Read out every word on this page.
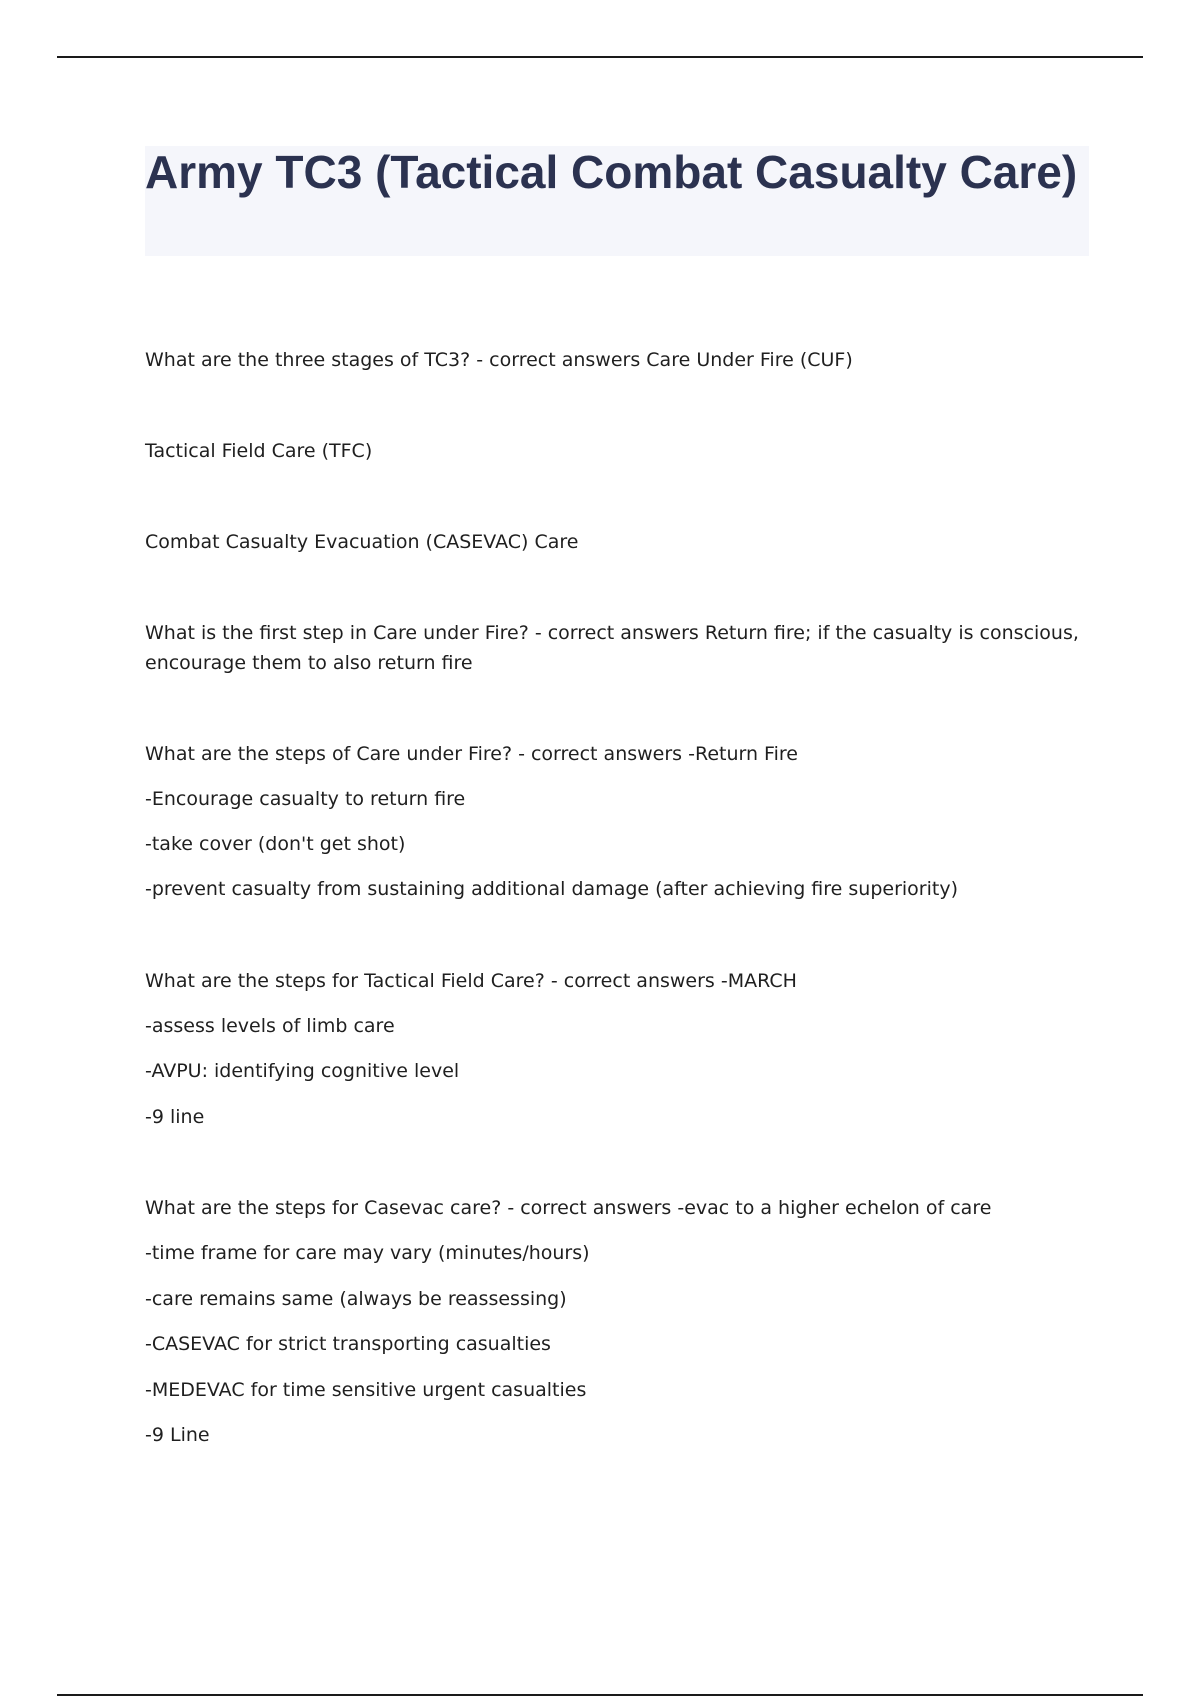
Army TC3 (Tactical Combat Casualty Care)
What are the three stages of TC3? - correct answers Care Under Fire (CUF)
Tactical Field Care (TFC)
Combat Casualty Evacuation (CASEVAC) Care
What is the first step in Care under Fire? - correct answers Return fire; if the casualty is conscious,
encourage them to also return fire
What are the steps of Care under Fire? - correct answers -Return Fire
-Encourage casualty to return fire
-take cover (don't get shot)
-prevent casualty from sustaining additional damage (after achieving fire superiority)
What are the steps for Tactical Field Care? - correct answers -MARCH
-assess levels of limb care
-AVPU: identifying cognitive level
-9 line
What are the steps for Casevac care? - correct answers -evac to a higher echelon of care
-time frame for care may vary (minutes/hours)
-care remains same (always be reassessing)
-CASEVAC for strict transporting casualties
-MEDEVAC for time sensitive urgent casualties
-9 Line
